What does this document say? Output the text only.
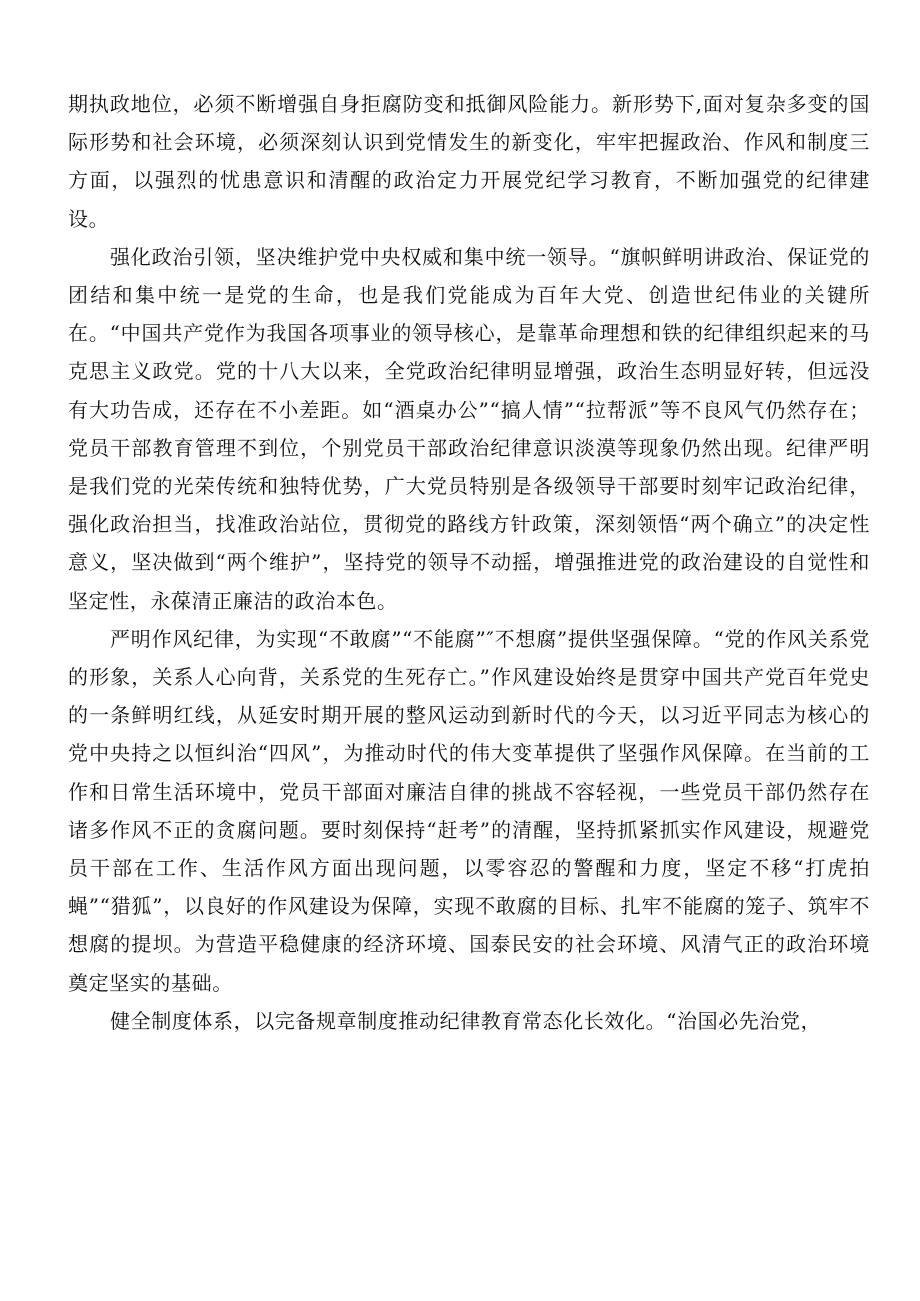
期执政地位，必须不断增强自身拒腐防变和抵御风险能力。新形势下,面对复杂多变的国际形势和社会环境，必须深刻认识到党情发生的新变化，牢牢把握政治、作风和制度三方面，以强烈的忧患意识和清醒的政治定力开展党纪学习教育，不断加强党的纪律建设。

强化政治引领，坚决维护党中央权威和集中统一领导。“旗帜鲜明讲政治、保证党的团结和集中统一是党的生命，也是我们党能成为百年大党、创造世纪伟业的关键所在。“中国共产党作为我国各项事业的领导核心，是靠革命理想和铁的纪律组织起来的马克思主义政党。党的十八大以来，全党政治纪律明显增强，政治生态明显好转，但远没有大功告成，还存在不小差距。如“酒桌办公”“搞人情”“拉帮派”等不良风气仍然存在；党员干部教育管理不到位，个别党员干部政治纪律意识淡漠等现象仍然出现。纪律严明是我们党的光荣传统和独特优势，广大党员特别是各级领导干部要时刻牢记政治纪律，强化政治担当，找准政治站位，贯彻党的路线方针政策，深刻领悟“两个确立”的决定性意义，坚决做到“两个维护”，坚持党的领导不动摇，增强推进党的政治建设的自觉性和坚定性，永葆清正廉洁的政治本色。

严明作风纪律，为实现“不敢腐”“不能腐”″不想腐”提供坚强保障。“党的作风关系党的形象，关系人心向背，关系党的生死存亡。”作风建设始终是贯穿中国共产党百年党史的一条鲜明红线，从延安时期开展的整风运动到新时代的今天，以习近平同志为核心的党中央持之以恒纠治“四风”，为推动时代的伟大变革提供了坚强作风保障。在当前的工作和日常生活环境中，党员干部面对廉洁自律的挑战不容轻视，一些党员干部仍然存在诸多作风不正的贪腐问题。要时刻保持“赶考”的清醒，坚持抓紧抓实作风建设，规避党员干部在工作、生活作风方面出现问题，以零容忍的警醒和力度，坚定不移“打虎拍蝇”“猎狐”，以良好的作风建设为保障，实现不敢腐的目标、扎牢不能腐的笼子、筑牢不想腐的提坝。为营造平稳健康的经济环境、国泰民安的社会环境、风清气正的政治环境奠定坚实的基础。

健全制度体系，以完备规章制度推动纪律教育常态化长效化。“治国必先治党，
